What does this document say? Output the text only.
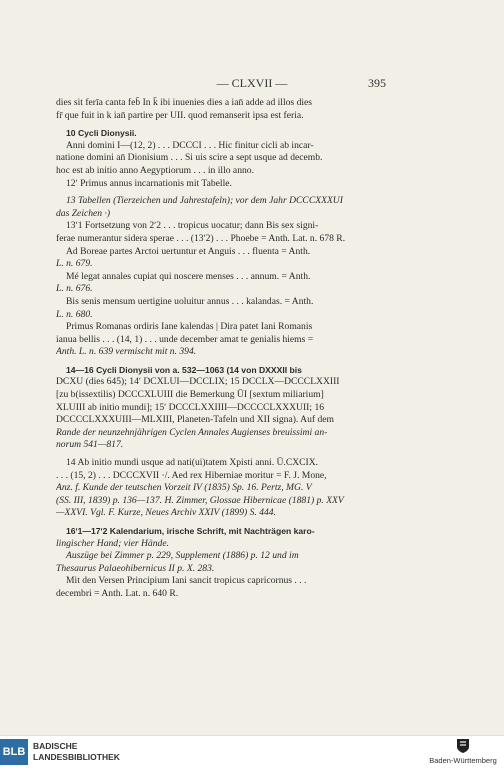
— CLXVII —	395
dies sit ferīa canta feb̄ In k̄ ibi inuenies dies a ian̄ adde ad illos dies
fr̄ que fuit in k ian̄ partire per UII. quod remanserit ipsa est feria.
10 Cycli Dionysii.
Anni domini I—(12, 2) . . . DCCCI . . . Hic finitur cicli ab incar-
natione domini an̄ Dionisium . . . Si uis scire a sept usque ad decemb.
hoc est ab initio anno Aegyptiorum . . . in illo anno.
12ʹ Primus annus incarnationis mit Tabelle.
13 Tabellen (Tierzeichen und Jahrestafeln); vor dem Jahr DCCCXXXUI
das Zeichen ·)
13ʹ1 Fortsetzung von 2ʹ2 . . . tropicus uocatur; dann Bis sex signi-
ferae numerantur sidera sperae . . . (13ʹ2) . . . Phoebe = Anth. Lat. n. 678 R.
Ad Boreae partes Arctoi uertuntur et Anguis . . . fluenta = Anth.
L. n. 679.
Mé legat annales cupiat qui noscere menses . . . annum. = Anth.
L. n. 676.
Bis senis mensum uertigine uoluitur annus . . . kalandas. = Anth.
L. n. 680.
Primus Romanas ordiris Iane kalendas | Dira patet Iani Romanis
ianua bellis . . . (14, 1) . . . unde december amat te genialis hiems =
Anth. L. n. 639 vermischt mit n. 394.
14—16 Cycli Dionysii von a. 532—1063 (14 von DXXXII bis
DCXU (dies 645); 14ʹ DCXLUI—DCCLIX; 15 DCCLX—DCCCLXXIII
[zu b(issextilis) DCCCXLUIII die Bemerkung ŪI [sextum miliarium]
XLUIII ab initio mundi]; 15ʹ DCCCLXXIIII—DCCCCLXXXUII; 16
DCCCCLXXXUIII—MLXIII, Planeten-Tafeln und XII signa). Auf dem
Rande der neunzehnjährigen Cyclen Annales Augienses breuissimi an-
norum 541—817.
14 Ab initio mundi usque ad nati(ui)tatem Xpisti anni. Ū.CXCIX.
. . . (15, 2) . . . DCCCXVII ·/. Aed rex Hiberniae moritur = F. J. Mone,
Anz. f. Kunde der teutschen Vorzeit IV (1835) Sp. 16. Pertz, MG. V
(SS. III, 1839) p. 136—137. H. Zimmer, Glossae Hibernicae (1881) p. XXV
—XXVI. Vgl. F. Kurze, Neues Archiv XXIV (1899) S. 444.
16ʹ1—17ʹ2 Kalendarium, irische Schrift, mit Nachträgen karo-
lingischer Hand; vier Hände.
Auszüge bei Zimmer p. 229, Supplement (1886) p. 12 und im
Thesaurus Palaeohibernicus II p. X. 283.
Mit den Versen Principium Iani sancit tropicus capricornus . . .
decembri = Anth. Lat. n. 640 R.
BLB BADISCHE
LANDESBIBLIOTHEK	Baden-Württemberg
